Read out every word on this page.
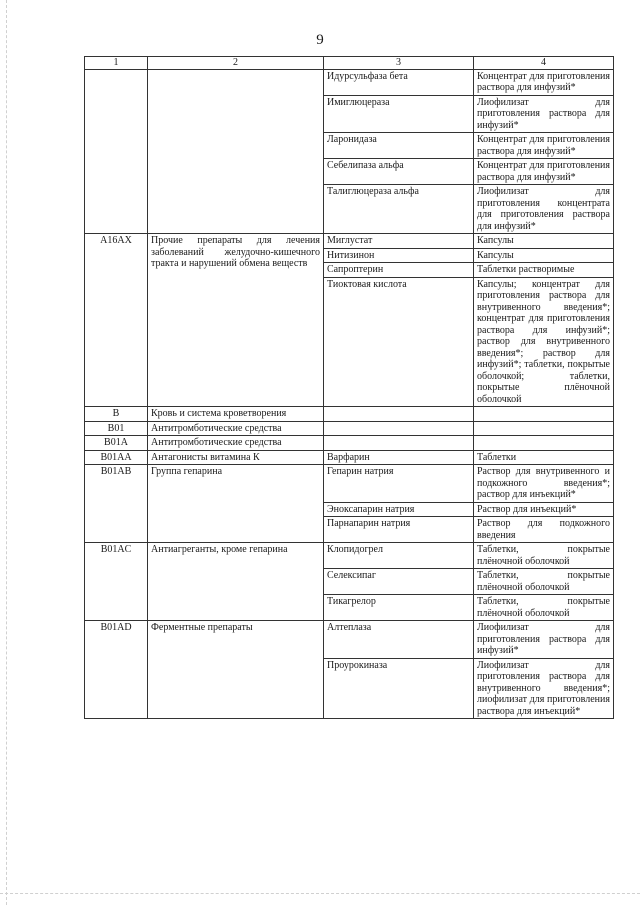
9
1	2	3	4
		Идурсульфаза бета	Концентрат для приготовления раствора для инфузий*
		Имиглюцераза	Лиофилизат для приготовления раствора для инфузий*
		Ларонидаза	Концентрат для приготовления раствора для инфузий*
		Себелипаза альфа	Концентрат для приготовления раствора для инфузий*
		Талиглюцераза альфа	Лиофилизат для приготовления концентрата для приготовления раствора для инфузий*
A16AX	Прочие препараты для лечения заболеваний желудочно-кишечного тракта и нарушений обмена веществ	Миглустат	Капсулы
		Нитизинон	Капсулы
		Сапроптерин	Таблетки растворимые
		Тиоктовая кислота	Капсулы; концентрат для приготовления раствора для внутривенного введения*; концентрат для приготовления раствора для инфузий*; раствор для внутривенного введения*; раствор для инфузий*; таблетки, покрытые оболочкой; таблетки, покрытые плёночной оболочкой
B	Кровь и система кроветворения		
B01	Антитромботические средства		
B01A	Антитромботические средства		
B01AA	Антагонисты витамина К	Варфарин	Таблетки
B01AB	Группа гепарина	Гепарин натрия	Раствор для внутривенного и подкожного введения*; раствор для инъекций*
		Эноксапарин натрия	Раствор для инъекций*
		Парнапарин натрия	Раствор для подкожного введения
B01AC	Антиагреганты, кроме гепарина	Клопидогрел	Таблетки, покрытые плёночной оболочкой
		Селексипаг	Таблетки, покрытые плёночной оболочкой
		Тикагрелор	Таблетки, покрытые плёночной оболочкой
B01AD	Ферментные препараты	Алтеплаза	Лиофилизат для приготовления раствора для инфузий*
		Проурокиназа	Лиофилизат для приготовления раствора для внутривенного введения*; лиофилизат для приготовления раствора для инъекций*
